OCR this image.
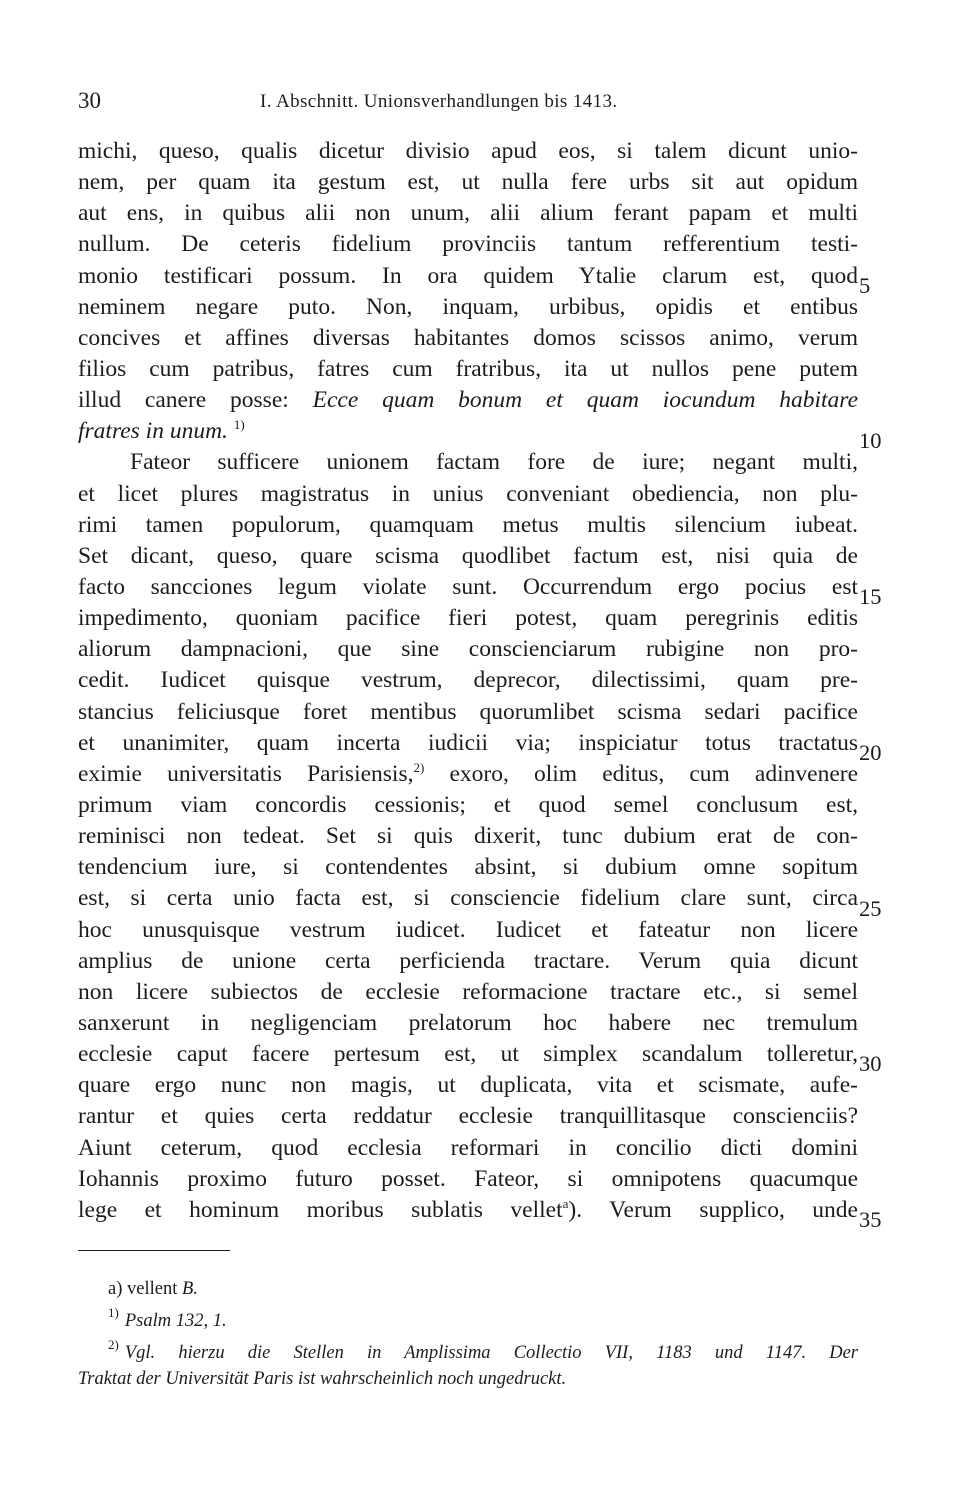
30	I. Abschnitt. Unionsverhandlungen bis 1413.
michi, queso, qualis dicetur divisio apud eos, si talem dicunt unio-
nem, per quam ita gestum est, ut nulla fere urbs sit aut opidum
aut ens, in quibus alii non unum, alii alium ferant papam et multi
nullum. De ceteris fidelium provinciis tantum refferentium testi-
monio testificari possum. In ora quidem Ytalie clarum est, quod
neminem negare puto. Non, inquam, urbibus, opidis et entibus
concives et affines diversas habitantes domos scissos animo, verum
filios cum patribus, fatres cum fratribus, ita ut nullos pene putem
illud canere posse: Ecce quam bonum et quam iocundum habitare
fratres in unum. $^{1)}$
Fateor sufficere unionem factam fore de iure; negant multi,
et licet plures magistratus in unius conveniant obediencia, non plu-
rimi tamen populorum, quamquam metus multis silencium iubeat.
Set dicant, queso, quare scisma quodlibet factum est, nisi quia de
facto sancciones legum violate sunt. Occurrendum ergo pocius est
impedimento, quoniam pacifice fieri potest, quam peregrinis editis
aliorum dampnacioni, que sine conscienciarum rubigine non pro-
cedit. Iudicet quisque vestrum, deprecor, dilectissimi, quam pre-
stancius feliciusque foret mentibus quorumlibet scisma sedari pacifice
et unanimiter, quam incerta iudicii via; inspiciatur totus tractatus
eximie universitatis Parisiensis,$^{2)}$ exoro, olim editus, cum adinvenere
primum viam concordis cessionis; et quod semel conclusum est,
reminisci non tedeat. Set si quis dixerit, tunc dubium erat de con-
tendencium iure, si contendentes absint, si dubium omne sopitum
est, si certa unio facta est, si consciencie fidelium clare sunt, circa
hoc unusquisque vestrum iudicet. Iudicet et fateatur non licere
amplius de unione certa perficienda tractare. Verum quia dicunt
non licere subiectos de ecclesie reformacione tractare etc., si semel
sanxerunt in negligenciam prelatorum hoc habere nec tremulum
ecclesie caput facere pertesum est, ut simplex scandalum tolleretur,
quare ergo nunc non magis, ut duplicata, vita et scismate, aufe-
rantur et quies certa reddatur ecclesie tranquillitasque conscienciis?
Aiunt ceterum, quod ecclesia reformari in concilio dicti domini
Iohannis proximo futuro posset. Fateor, si omnipotens quacumque
lege et hominum moribus sublatis vellet$^a$). Verum supplico, unde
5
10
15
20
25
30
35
a) vellent B.
$^{1)}$ Psalm 132, 1.
$^{2)}$ Vgl. hierzu die Stellen in Amplissima Collectio VII, 1183 und 1147. Der
Traktat der Universität Paris ist wahrscheinlich noch ungedruckt.
